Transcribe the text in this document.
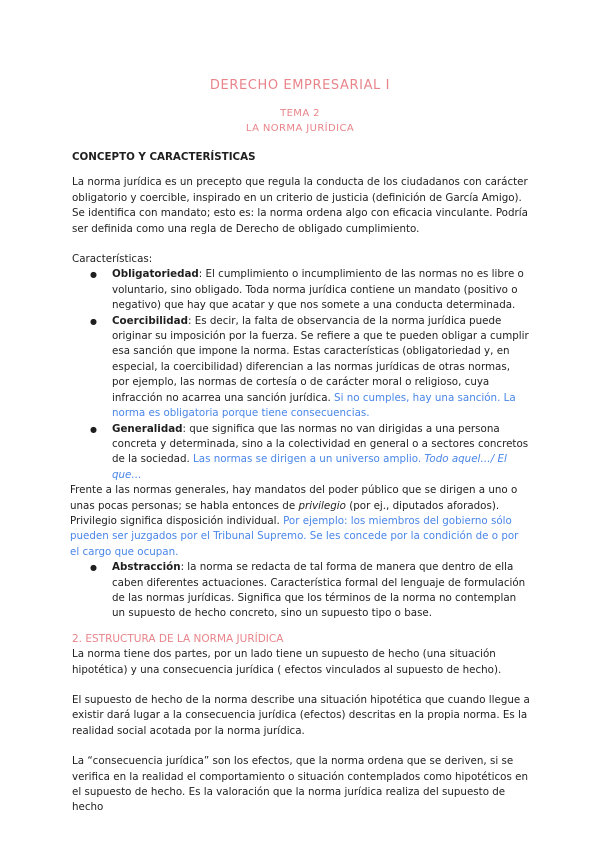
DERECHO EMPRESARIAL I
TEMA 2
LA NORMA JURÍDICA

CONCEPTO Y CARACTERÍSTICAS

La norma jurídica es un precepto que regula la conducta de los ciudadanos con carácter obligatorio y coercible, inspirado en un criterio de justicia (definición de García Amigo). Se identifica con mandato; esto es: la norma ordena algo con eficacia vinculante. Podría ser definida como una regla de Derecho de obligado cumplimiento.

Características:

● Obligatoriedad: El cumplimiento o incumplimiento de las normas no es libre o voluntario, sino obligado. Toda norma jurídica contiene un mandato (positivo o negativo) que hay que acatar y que nos somete a una conducta determinada.
● Coercibilidad: Es decir, la falta de observancia de la norma jurídica puede originar su imposición por la fuerza. Se refiere a que te pueden obligar a cumplir esa sanción que impone la norma. Estas características (obligatoriedad y, en especial, la coercibilidad) diferencian a las normas jurídicas de otras normas, por ejemplo, las normas de cortesía o de carácter moral o religioso, cuya infracción no acarrea una sanción jurídica. Si no cumples, hay una sanción. La norma es obligatoria porque tiene consecuencias.
● Generalidad: que significa que las normas no van dirigidas a una persona concreta y determinada, sino a la colectividad en general o a sectores concretos de la sociedad. Las normas se dirigen a un universo amplio. Todo aquel…/ El que…

Frente a las normas generales, hay mandatos del poder público que se dirigen a uno o unas pocas personas; se habla entonces de privilegio (por ej., diputados aforados). Privilegio significa disposición individual. Por ejemplo: los miembros del gobierno sólo pueden ser juzgados por el Tribunal Supremo. Se les concede por la condición de o por el cargo que ocupan.

● Abstracción: la norma se redacta de tal forma de manera que dentro de ella caben diferentes actuaciones. Característica formal del lenguaje de formulación de las normas jurídicas. Significa que los términos de la norma no contemplan un supuesto de hecho concreto, sino un supuesto tipo o base.

2. ESTRUCTURA DE LA NORMA JURÍDICA

La norma tiene dos partes, por un lado tiene un supuesto de hecho (una situación hipotética) y una consecuencia jurídica ( efectos vinculados al supuesto de hecho).

El supuesto de hecho de la norma describe una situación hipotética que cuando llegue a existir dará lugar a la consecuencia jurídica (efectos) descritas en la propia norma. Es la realidad social acotada por la norma jurídica.

La “consecuencia jurídica” son los efectos, que la norma ordena que se deriven, si se verifica en la realidad el comportamiento o situación contemplados como hipotéticos en el supuesto de hecho. Es la valoración que la norma jurídica realiza del supuesto de hecho
